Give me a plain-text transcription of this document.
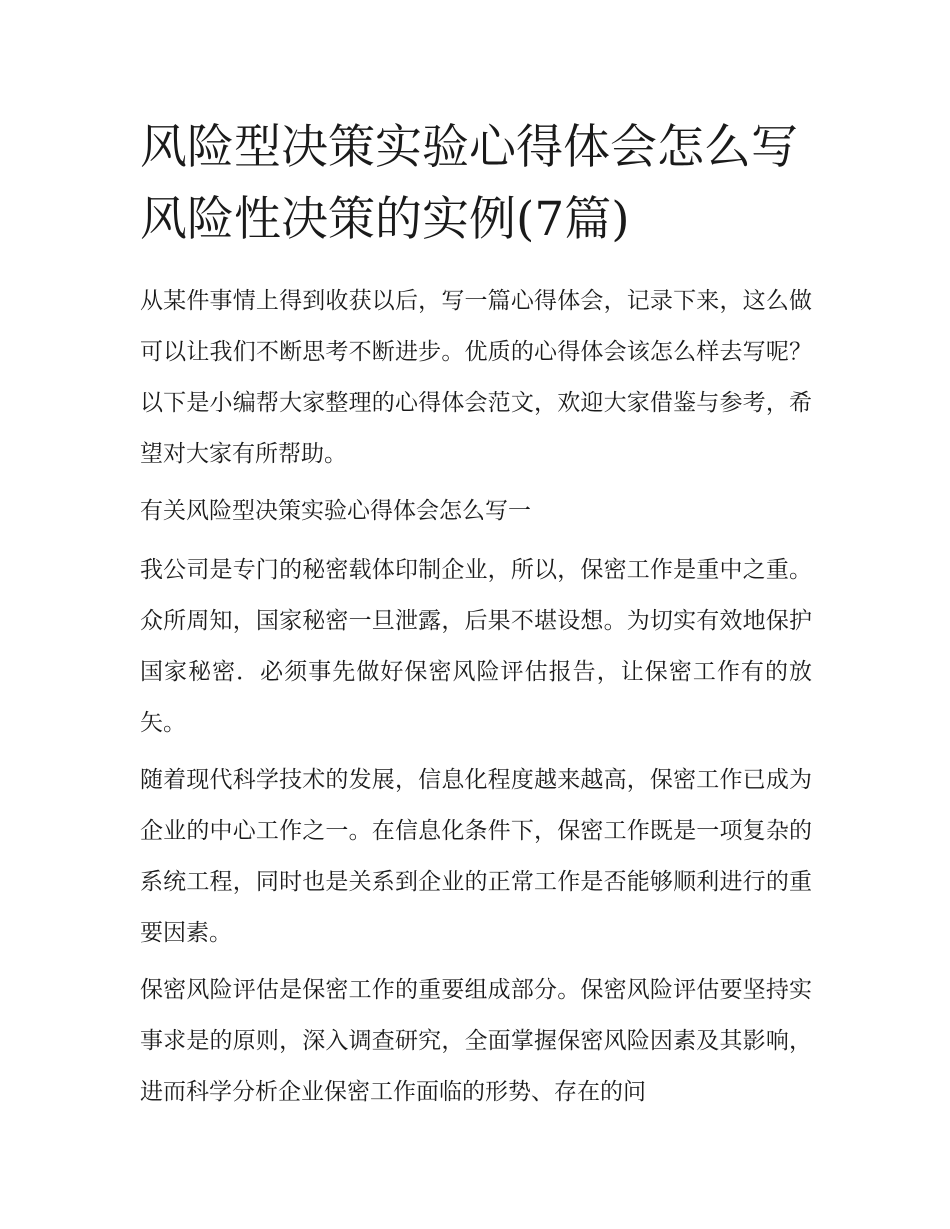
风险型决策实验心得体会怎么写 风险性决策的实例(7篇)

从某件事情上得到收获以后，写一篇心得体会，记录下来，这么做可以让我们不断思考不断进步。优质的心得体会该怎么样去写呢？以下是小编帮大家整理的心得体会范文，欢迎大家借鉴与参考，希望对大家有所帮助。

有关风险型决策实验心得体会怎么写一

我公司是专门的秘密载体印制企业，所以，保密工作是重中之重。众所周知，国家秘密一旦泄露，后果不堪设想。为切实有效地保护国家秘密．必须事先做好保密风险评估报告，让保密工作有的放矢。

随着现代科学技术的发展，信息化程度越来越高，保密工作已成为企业的中心工作之一。在信息化条件下，保密工作既是一项复杂的系统工程，同时也是关系到企业的正常工作是否能够顺利进行的重要因素。

保密风险评估是保密工作的重要组成部分。保密风险评估要坚持实事求是的原则，深入调查研究，全面掌握保密风险因素及其影响，进而科学分析企业保密工作面临的形势、存在的问
